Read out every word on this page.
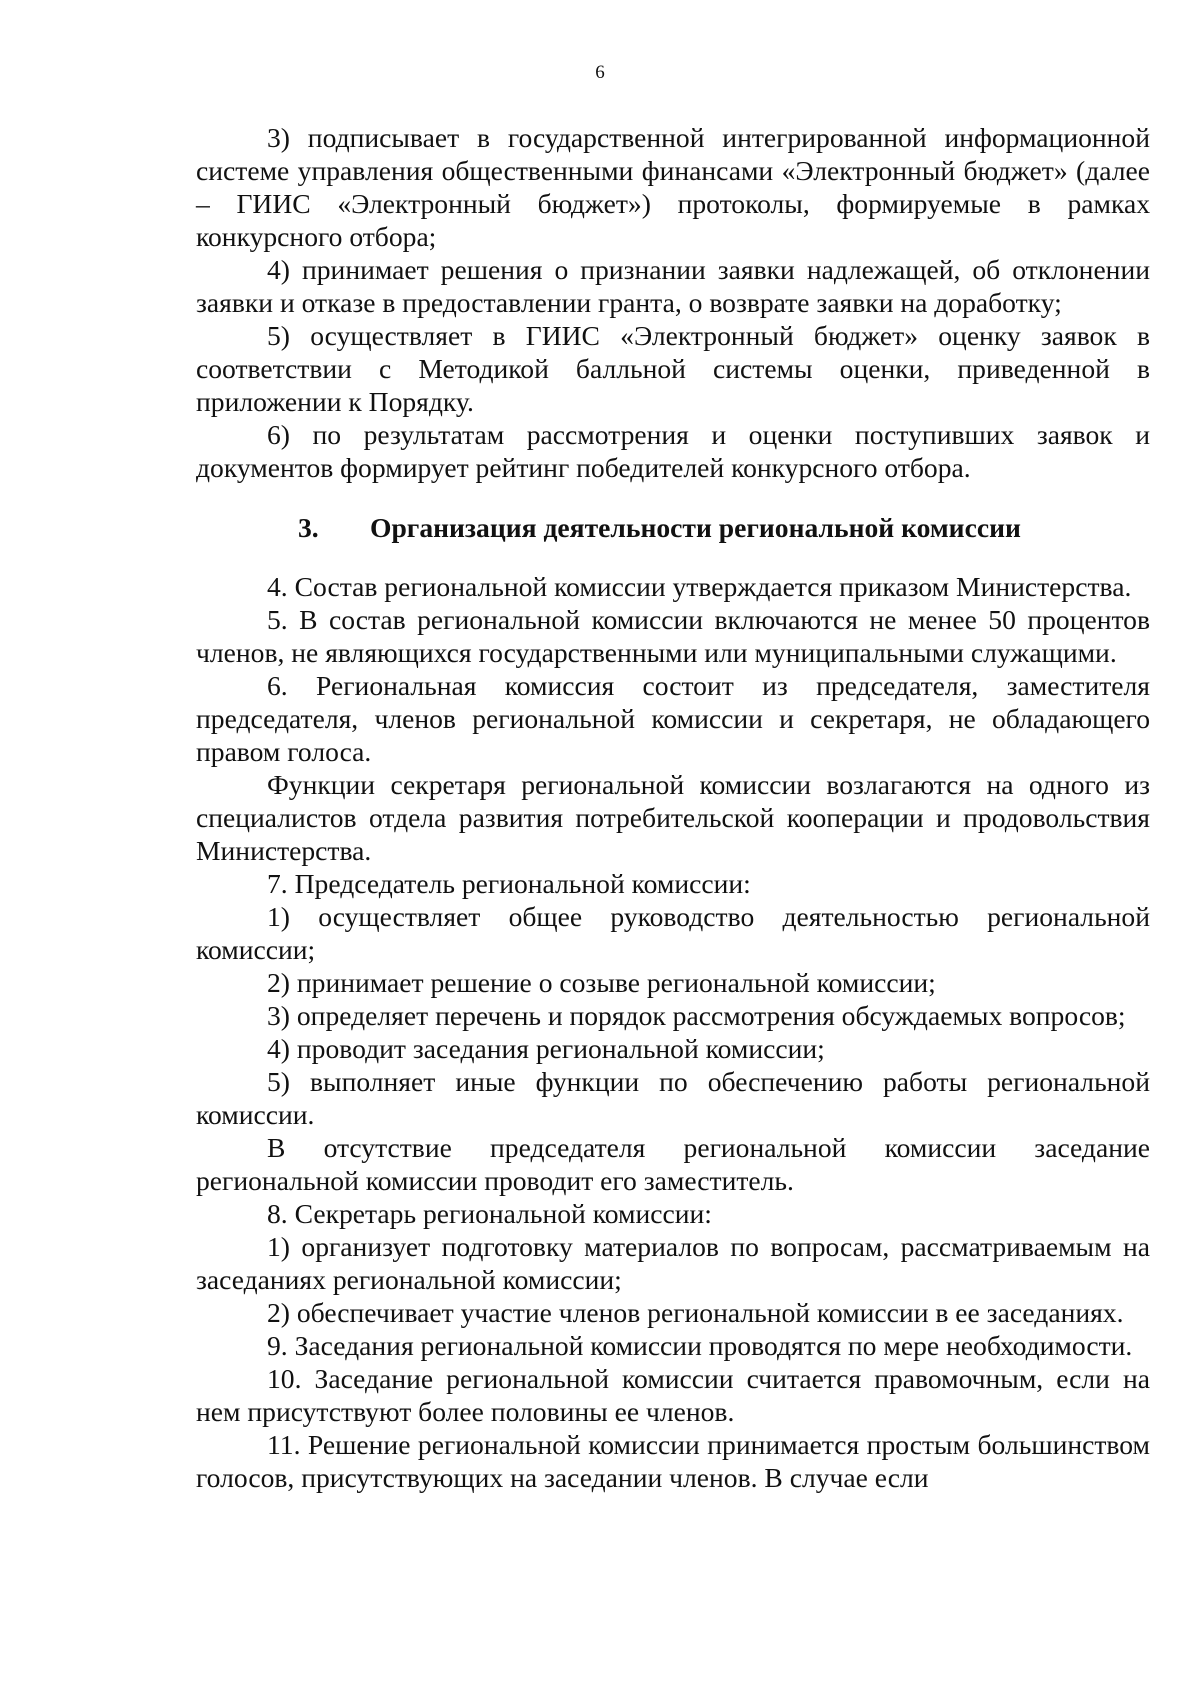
6

3) подписывает в государственной интегрированной информационной системе управления общественными финансами «Электронный бюджет» (далее – ГИИС «Электронный бюджет») протоколы, формируемые в рамках конкурсного отбора;

4) принимает решения о признании заявки надлежащей, об отклонении заявки и отказе в предоставлении гранта, о возврате заявки на доработку;

5) осуществляет в ГИИС «Электронный бюджет» оценку заявок в соответствии с Методикой балльной системы оценки, приведенной в приложении к Порядку.

6) по результатам рассмотрения и оценки поступивших заявок и документов формирует рейтинг победителей конкурсного отбора.

3. Организация деятельности региональной комиссии

4. Состав региональной комиссии утверждается приказом Министерства.

5. В состав региональной комиссии включаются не менее 50 процентов членов, не являющихся государственными или муниципальными служащими.

6. Региональная комиссия состоит из председателя, заместителя председателя, членов региональной комиссии и секретаря, не обладающего правом голоса.

Функции секретаря региональной комиссии возлагаются на одного из специалистов отдела развития потребительской кооперации и продовольствия Министерства.

7. Председатель региональной комиссии:

1) осуществляет общее руководство деятельностью региональной комиссии;

2) принимает решение о созыве региональной комиссии;

3) определяет перечень и порядок рассмотрения обсуждаемых вопросов;

4) проводит заседания региональной комиссии;

5) выполняет иные функции по обеспечению работы региональной комиссии.

В отсутствие председателя региональной комиссии заседание региональной комиссии проводит его заместитель.

8. Секретарь региональной комиссии:

1) организует подготовку материалов по вопросам, рассматриваемым на заседаниях региональной комиссии;

2) обеспечивает участие членов региональной комиссии в ее заседаниях.

9. Заседания региональной комиссии проводятся по мере необходимости.

10. Заседание региональной комиссии считается правомочным, если на нем присутствуют более половины ее членов.

11. Решение региональной комиссии принимается простым большинством голосов, присутствующих на заседании членов. В случае если
